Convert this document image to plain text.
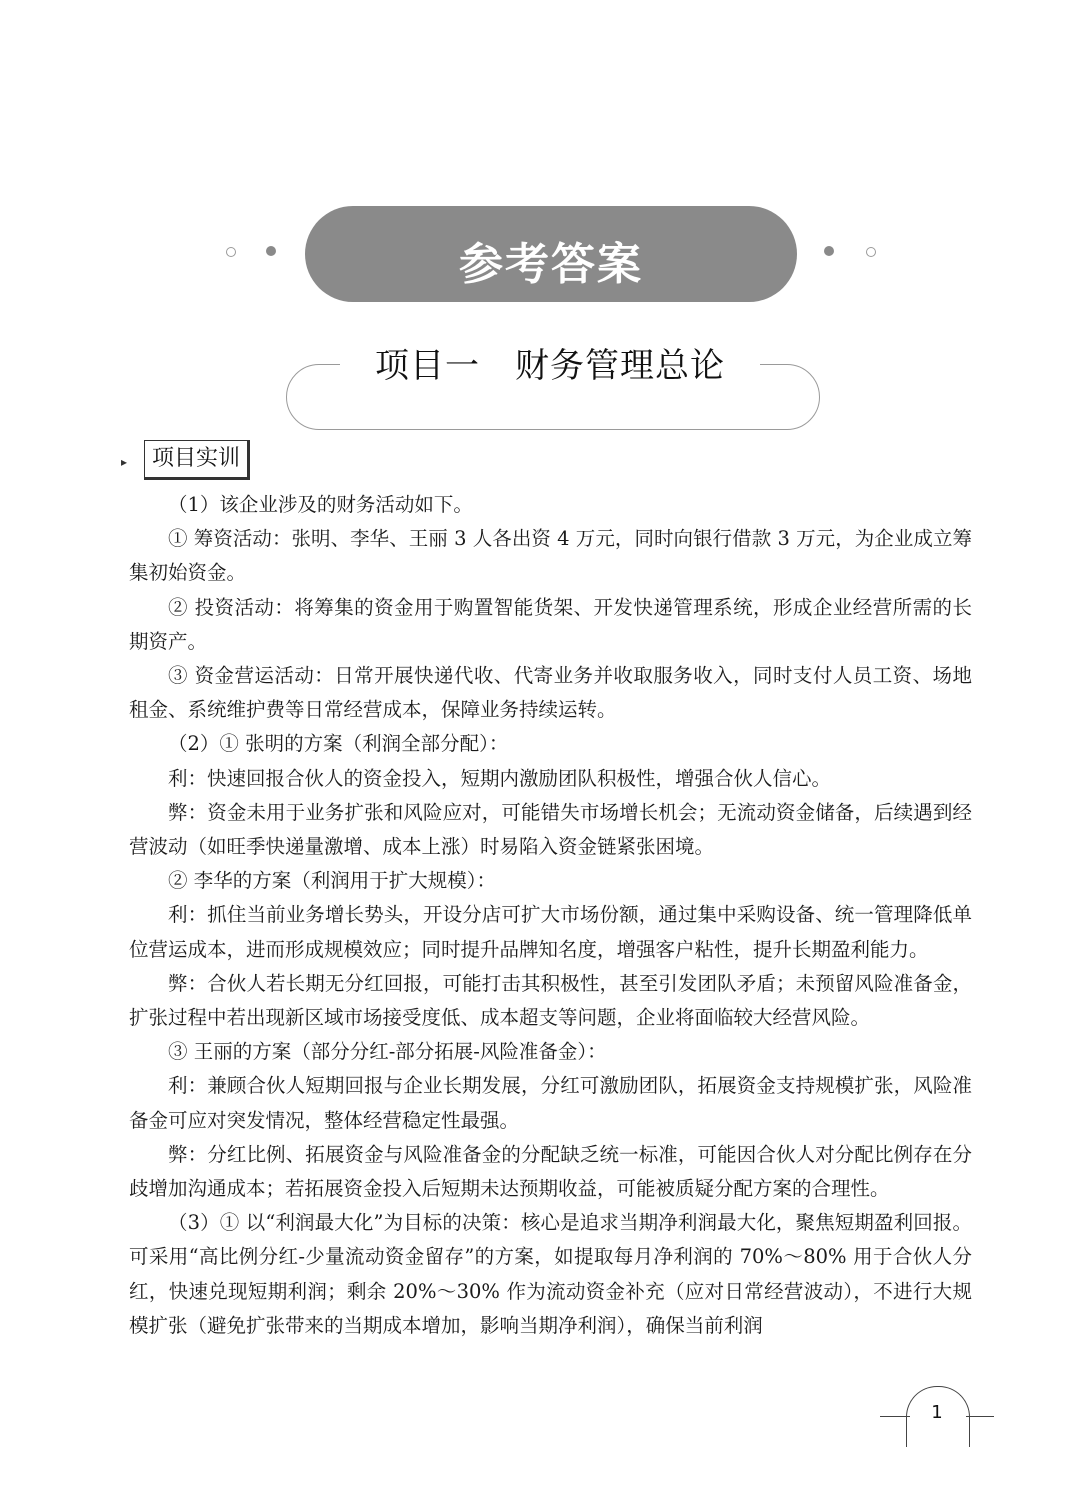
参考答案
项目一　财务管理总论
▸	项目实训

（1）该企业涉及的财务活动如下。

① 筹资活动：张明、李华、王丽 3 人各出资 4 万元，同时向银行借款 3 万元，为企业成立筹集初始资金。

② 投资活动：将筹集的资金用于购置智能货架、开发快递管理系统，形成企业经营所需的长期资产。

③ 资金营运活动：日常开展快递代收、代寄业务并收取服务收入，同时支付人员工资、场地租金、系统维护费等日常经营成本，保障业务持续运转。

（2）① 张明的方案（利润全部分配）：

利：快速回报合伙人的资金投入，短期内激励团队积极性，增强合伙人信心。

弊：资金未用于业务扩张和风险应对，可能错失市场增长机会；无流动资金储备，后续遇到经营波动（如旺季快递量激增、成本上涨）时易陷入资金链紧张困境。

② 李华的方案（利润用于扩大规模）：

利：抓住当前业务增长势头，开设分店可扩大市场份额，通过集中采购设备、统一管理降低单位营运成本，进而形成规模效应；同时提升品牌知名度，增强客户粘性，提升长期盈利能力。

弊：合伙人若长期无分红回报，可能打击其积极性，甚至引发团队矛盾；未预留风险准备金，扩张过程中若出现新区域市场接受度低、成本超支等问题，企业将面临较大经营风险。

③ 王丽的方案（部分分红-部分拓展-风险准备金）：

利：兼顾合伙人短期回报与企业长期发展，分红可激励团队，拓展资金支持规模扩张，风险准备金可应对突发情况，整体经营稳定性最强。

弊：分红比例、拓展资金与风险准备金的分配缺乏统一标准，可能因合伙人对分配比例存在分歧增加沟通成本；若拓展资金投入后短期未达预期收益，可能被质疑分配方案的合理性。

（3）① 以“利润最大化”为目标的决策：核心是追求当期净利润最大化，聚焦短期盈利回报。可采用“高比例分红-少量流动资金留存”的方案，如提取每月净利润的 70%～80% 用于合伙人分红，快速兑现短期利润；剩余 20%～30% 作为流动资金补充（应对日常经营波动），不进行大规模扩张（避免扩张带来的当期成本增加，影响当期净利润），确保当前利润

1
